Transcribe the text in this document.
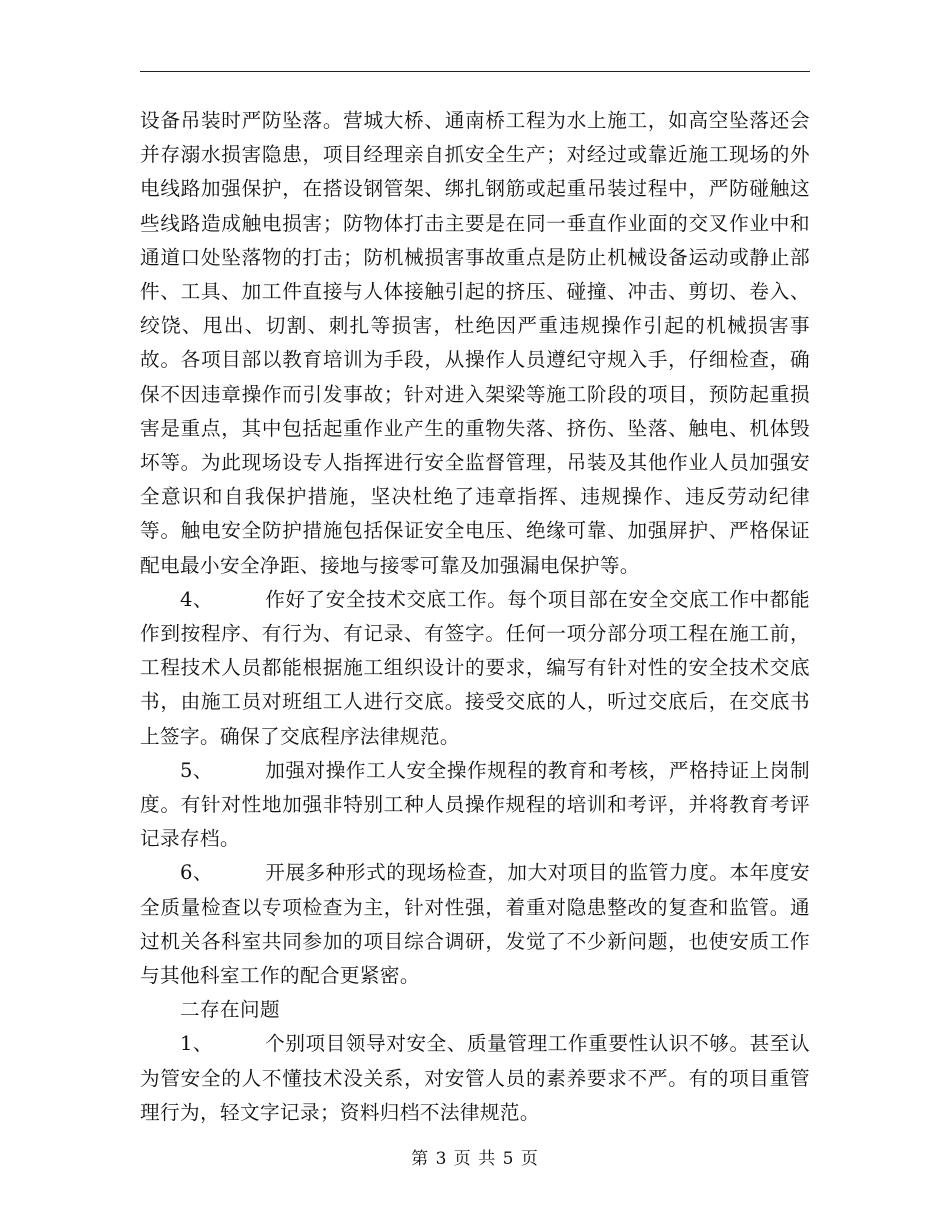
设备吊装时严防坠落。营城大桥、通南桥工程为水上施工，如高空坠落还会并存溺水损害隐患，项目经理亲自抓安全生产；对经过或靠近施工现场的外电线路加强保护，在搭设钢管架、绑扎钢筋或起重吊装过程中，严防碰触这些线路造成触电损害；防物体打击主要是在同一垂直作业面的交叉作业中和通道口处坠落物的打击；防机械损害事故重点是防止机械设备运动或静止部件、工具、加工件直接与人体接触引起的挤压、碰撞、冲击、剪切、卷入、绞饶、甩出、切割、刺扎等损害，杜绝因严重违规操作引起的机械损害事故。各项目部以教育培训为手段，从操作人员遵纪守规入手，仔细检查，确保不因违章操作而引发事故；针对进入架梁等施工阶段的项目，预防起重损害是重点，其中包括起重作业产生的重物失落、挤伤、坠落、触电、机体毁坏等。为此现场设专人指挥进行安全监督管理，吊装及其他作业人员加强安全意识和自我保护措施，坚决杜绝了违章指挥、违规操作、违反劳动纪律等。触电安全防护措施包括保证安全电压、绝缘可靠、加强屏护、严格保证配电最小安全净距、接地与接零可靠及加强漏电保护等。

4、	作好了安全技术交底工作。每个项目部在安全交底工作中都能作到按程序、有行为、有记录、有签字。任何一项分部分项工程在施工前，工程技术人员都能根据施工组织设计的要求，编写有针对性的安全技术交底书，由施工员对班组工人进行交底。接受交底的人，听过交底后，在交底书上签字。确保了交底程序法律规范。

5、	加强对操作工人安全操作规程的教育和考核，严格持证上岗制度。有针对性地加强非特别工种人员操作规程的培训和考评，并将教育考评记录存档。

6、	开展多种形式的现场检查，加大对项目的监管力度。本年度安全质量检查以专项检查为主，针对性强，着重对隐患整改的复查和监管。通过机关各科室共同参加的项目综合调研，发觉了不少新问题，也使安质工作与其他科室工作的配合更紧密。

二存在问题

1、	个别项目领导对安全、质量管理工作重要性认识不够。甚至认为管安全的人不懂技术没关系，对安管人员的素养要求不严。有的项目重管理行为，轻文字记录；资料归档不法律规范。

第 3 页 共 5 页
